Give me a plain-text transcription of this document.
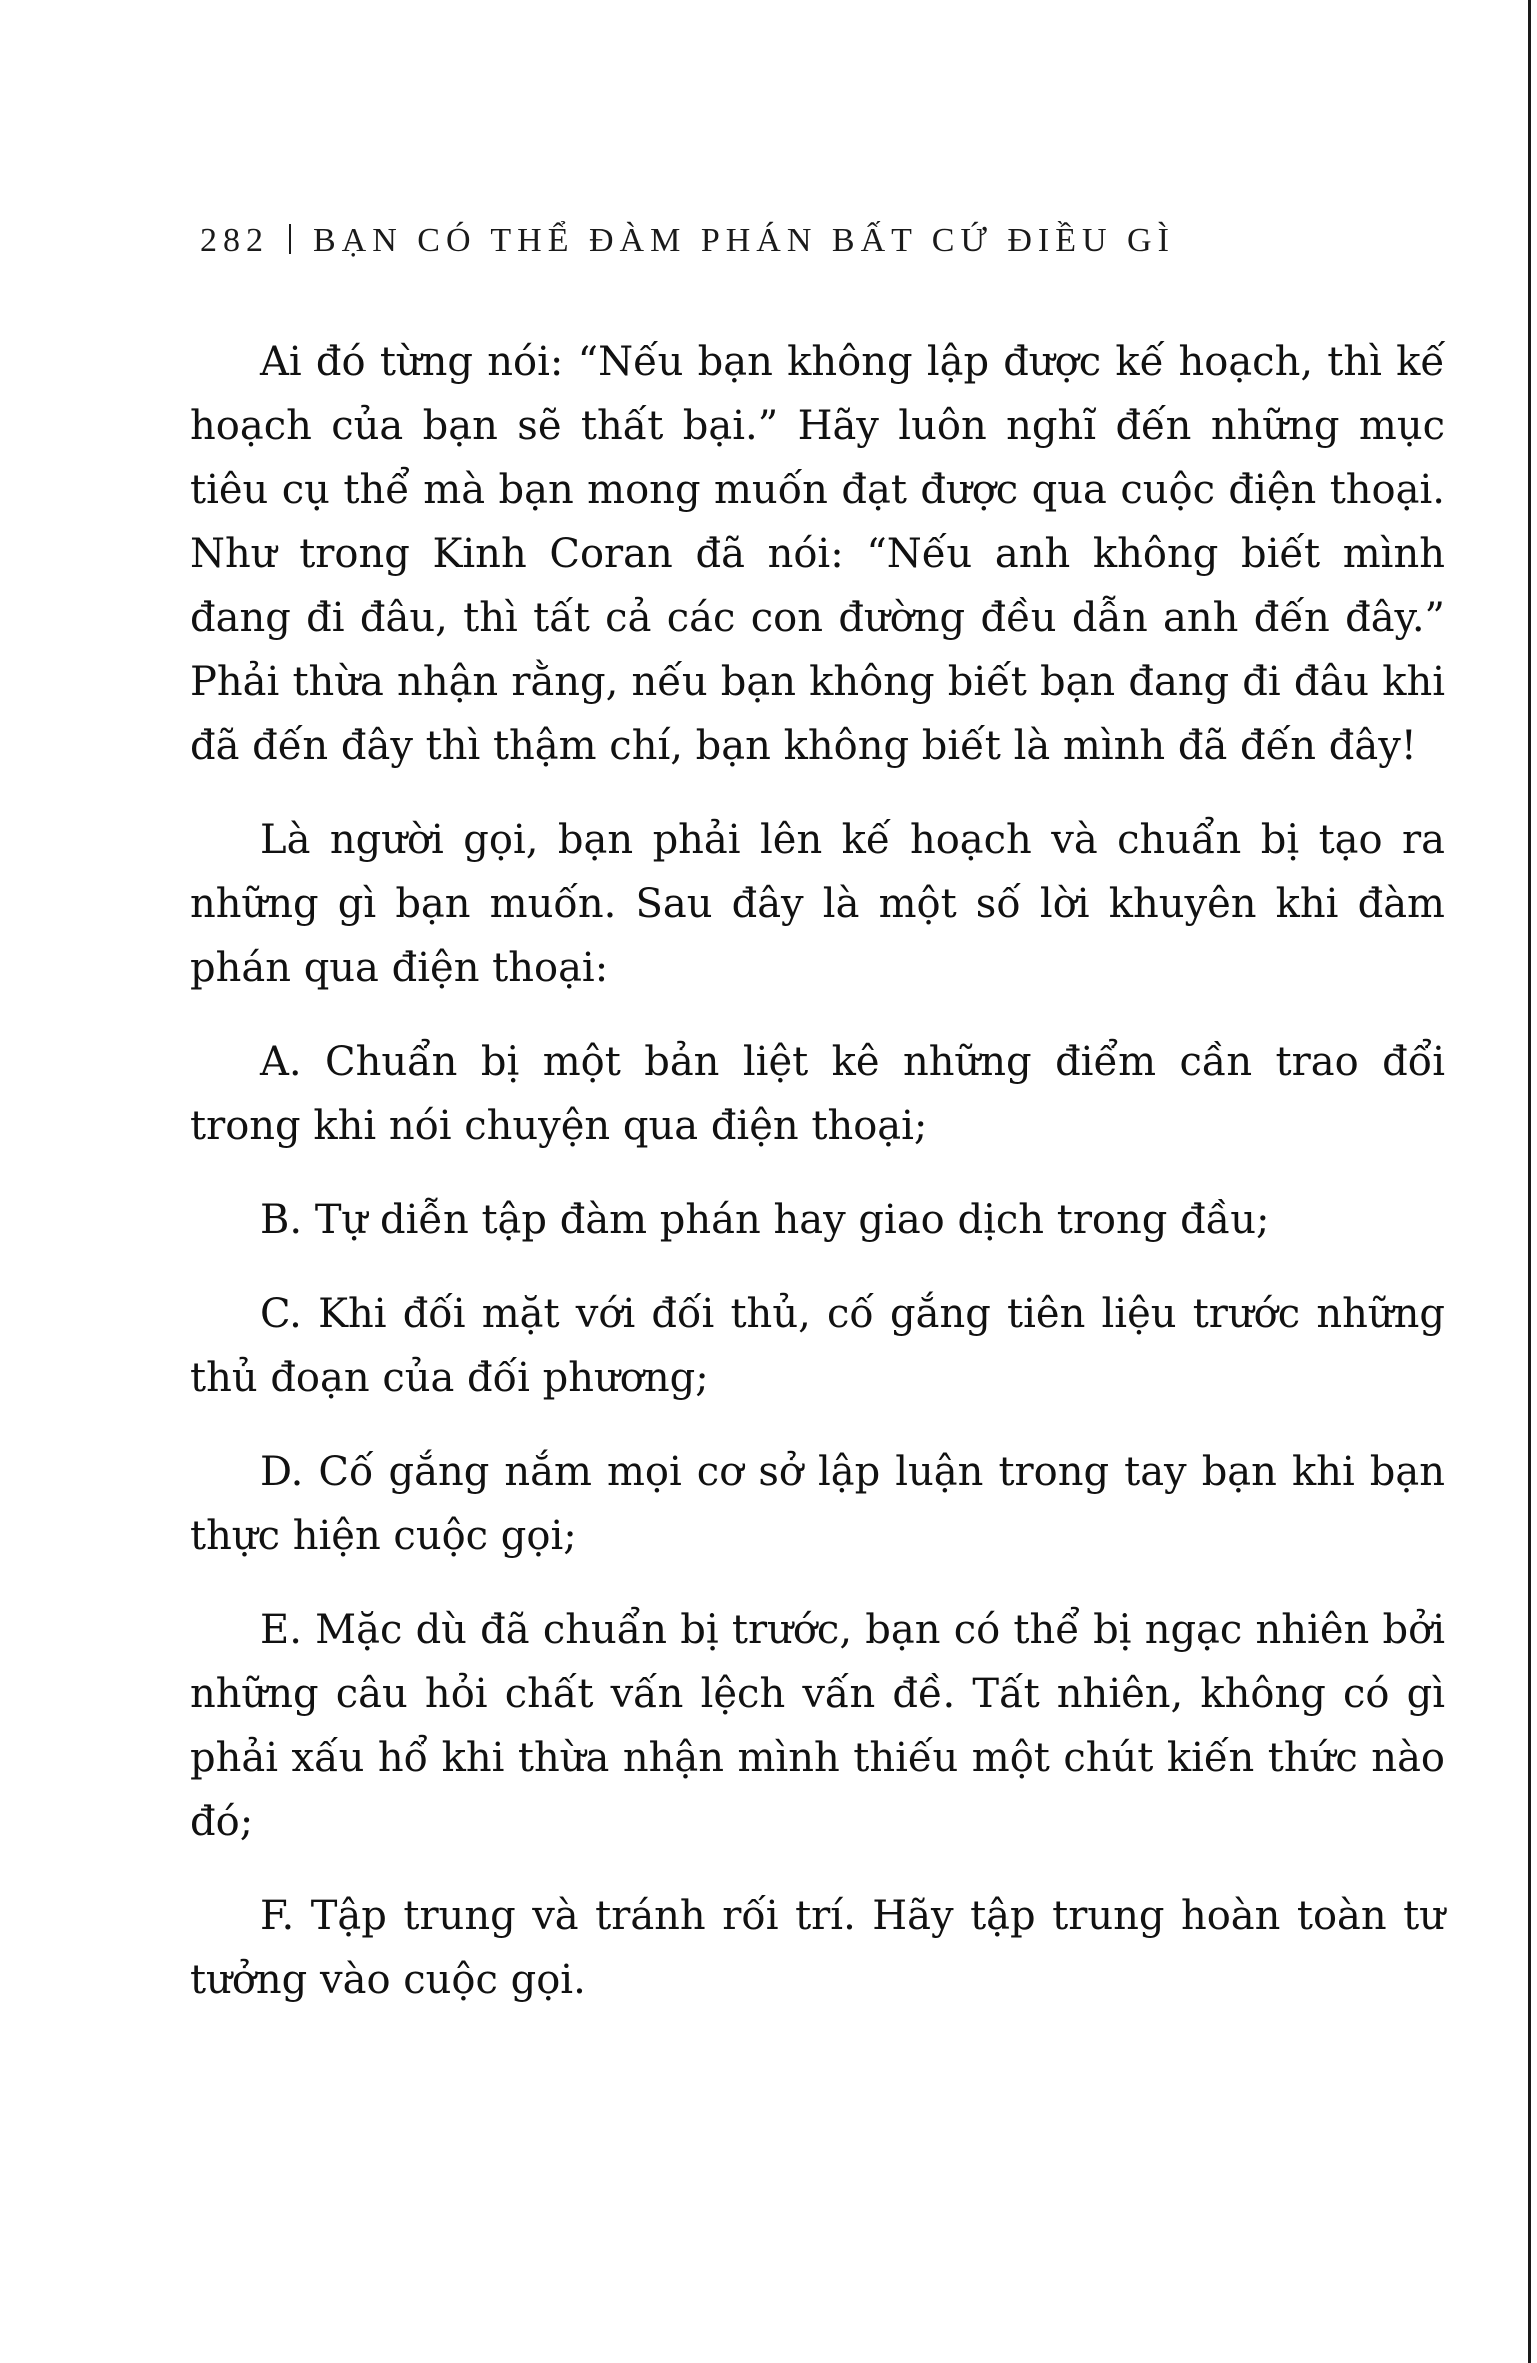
282 BẠN CÓ THỂ ĐÀM PHÁN BẤT CỨ ĐIỀU GÌ

Ai đó từng nói: “Nếu bạn không lập được kế hoạch, thì kế hoạch của bạn sẽ thất bại.” Hãy luôn nghĩ đến những mục tiêu cụ thể mà bạn mong muốn đạt được qua cuộc điện thoại. Như trong Kinh Coran đã nói: “Nếu anh không biết mình đang đi đâu, thì tất cả các con đường đều dẫn anh đến đây.” Phải thừa nhận rằng, nếu bạn không biết bạn đang đi đâu khi đã đến đây thì thậm chí, bạn không biết là mình đã đến đây!

Là người gọi, bạn phải lên kế hoạch và chuẩn bị tạo ra những gì bạn muốn. Sau đây là một số lời khuyên khi đàm phán qua điện thoại:

A. Chuẩn bị một bản liệt kê những điểm cần trao đổi trong khi nói chuyện qua điện thoại;

B. Tự diễn tập đàm phán hay giao dịch trong đầu;

C. Khi đối mặt với đối thủ, cố gắng tiên liệu trước những thủ đoạn của đối phương;

D. Cố gắng nắm mọi cơ sở lập luận trong tay bạn khi bạn thực hiện cuộc gọi;

E. Mặc dù đã chuẩn bị trước, bạn có thể bị ngạc nhiên bởi những câu hỏi chất vấn lệch vấn đề. Tất nhiên, không có gì phải xấu hổ khi thừa nhận mình thiếu một chút kiến thức nào đó;

F. Tập trung và tránh rối trí. Hãy tập trung hoàn toàn tư tưởng vào cuộc gọi.
